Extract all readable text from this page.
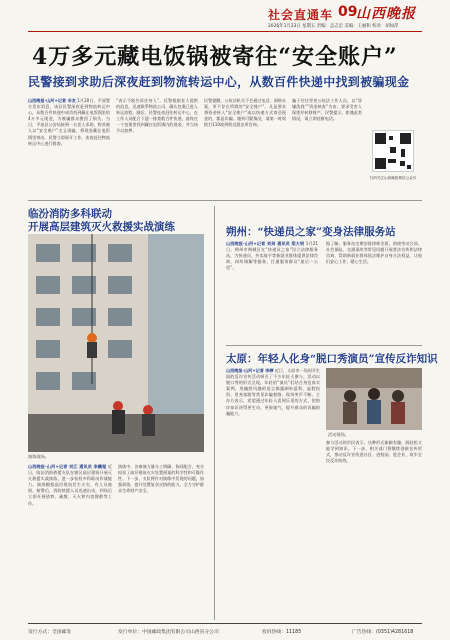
社会直通车 09
山西晚报
2026年1月23日 星期五 责编：孟志宏 美编：王丽和 校对：胡如萍
4万多元藏电饭锅被寄往“安全账户”
民警接到求助后深夜赶到物流转运中心，从数百件快递中找到被骗现金
山西晚报·山河+记者 辛友 1月20日，平遥警方发布消息，该县民警深夜赶到物流转运中心，从数百件快递中成功找到藏在电饭锅里的4万多元现金，为被骗群众挽回了损失。当日，平遥县公安局接到一名老人求助，称其被人以“安全账户”名义诱骗，将现金藏在电饭锅里寄出。民警立即展开工作，连夜赶往物流转运中心进行排查。
“表示不能告诉任何人”。民警根据老人提供的信息，迅速联系物流公司，确认包裹已进入转运流程。随后，民警连夜赶往转运中心，在工作人员配合下逐一排查数百件快递，最终在一个包裹里找到藏在电饭锅内的现金，并当场予以扣押。
民警提醒，公检法机关不会通过电话、网络办案，更不存在所谓的“安全账户”。凡是要求将资金转入“安全账户”或以快递方式寄送现金的，都是诈骗。遇到可疑情况，请第一时间拨打110或到附近派出所咨询。
骗子往往冒充公检法工作人员，以“涉嫌洗钱”“资金核查”为由，要求受害人保密并转移财产。民警提示，如遇此类情况，请立即挂断电话。
扫码关注山西晚报微信公众号
临汾消防多科联动
开展高层建筑灭火救援实战演练
演练现场。
山西晚报·山河+记者 刘江 通讯员 李鹏程 近日，临汾消防救援支队在辖区高层建筑开展灭火救援实战演练，进一步检验多科联动作战能力。演练模拟高层建筑发生火灾，有人员被困。接警后，消防救援人员迅速出动，到场后立即开展侦察、疏散、灭火和内攻搜救等工作。
演练中，各参演力量分工明确、协同配合，充分检验了高层建筑火灾处置预案的科学性和可操作性。下一步，支队将针对演练中发现的问题，加强训练，提升处置复杂灾情的能力，全力守护群众生命财产安全。
朔州：“快递员之家”变身法律服务站
山西晚报·山河+记者 刘剑 通讯员 梁大明 1月21日，朔州市朔城区在“快递员之家”设立法律服务站，为快递员、外卖骑手等新就业群体提供法律咨询、纠纷调解等服务，打通服务群众“最后一公里”。
据了解，服务站定期安排律师坐班，围绕劳动合同、社会保险、交通事故等常见问题开展普法宣传和法律咨询，帮助新就业群体依法维护自身合法权益，让他们安心工作、暖心生活。
太原：年轻人化身“脱口秀演员”宣传反诈知识
山西晚报·山河+记者 李婷 近日，太原市一场别开生面的反诈宣传活动吸引了不少年轻人参与。活动以脱口秀的形式呈现，年轻的“演员”们结合身边真实案例，用幽默风趣的语言揭露刷单返利、虚假投资、冒充客服等常见诈骗套路，现场笑声不断。主办方表示，希望通过年轻人喜闻乐见的方式，把防诈知识讲得更生动、更接地气，提升群众的识骗防骗能力。
活动现场。
参与活动的市民表示，这种形式新颖有趣，既轻松又能学到知识。下一步，相关部门将继续创新宣传形式，推动反诈宣传进社区、进校园、进企业，筑牢全民反诈防线。
发行方式：全国邮发	发行单位：中国邮政集团有限公司山西省分公司	投诉热线：11185	广告热线：(0351)4281618
